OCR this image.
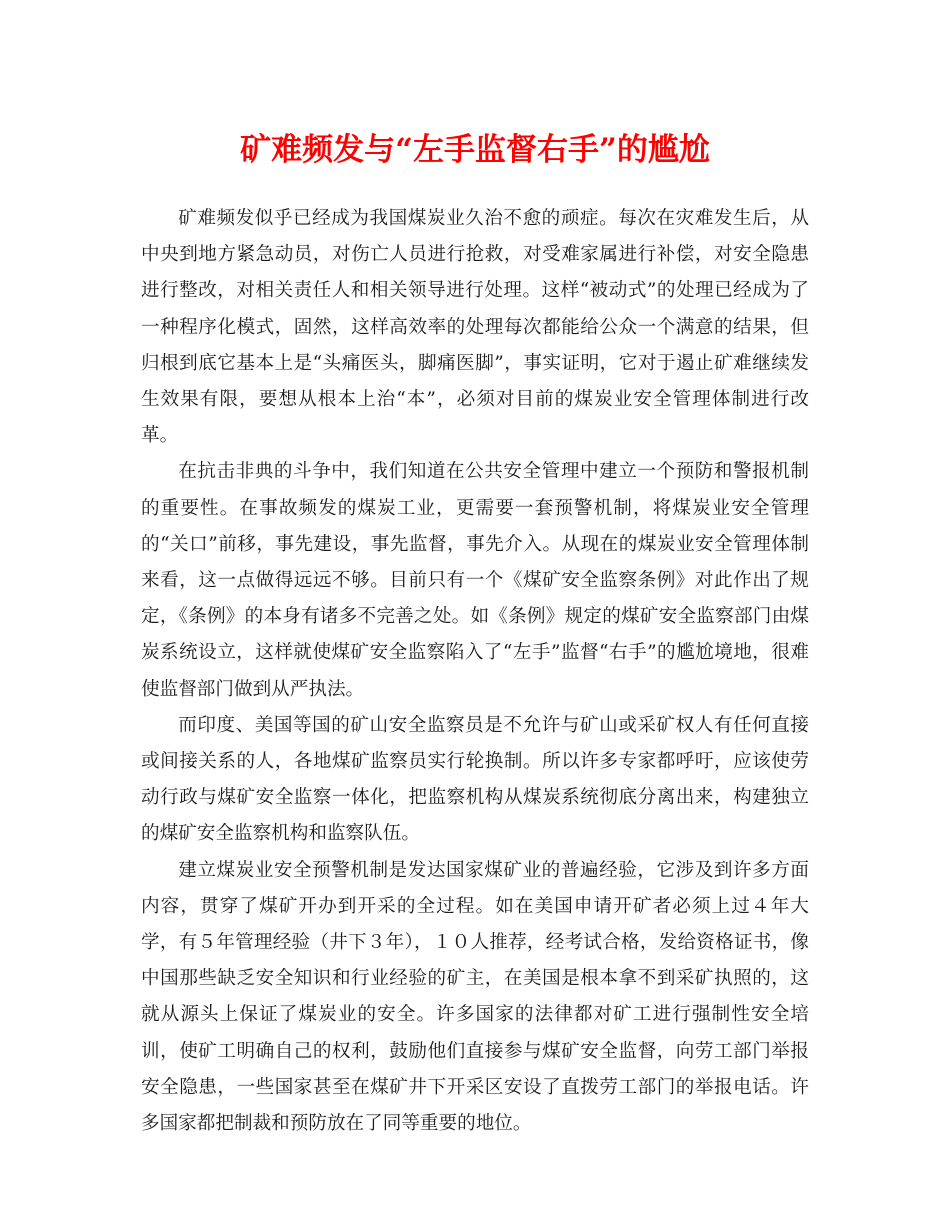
矿难频发与“左手监督右手”的尴尬

矿难频发似乎已经成为我国煤炭业久治不愈的顽症。每次在灾难发生后，从中央到地方紧急动员，对伤亡人员进行抢救，对受难家属进行补偿，对安全隐患进行整改，对相关责任人和相关领导进行处理。这样“被动式”的处理已经成为了一种程序化模式，固然，这样高效率的处理每次都能给公众一个满意的结果，但归根到底它基本上是“头痛医头，脚痛医脚”，事实证明，它对于遏止矿难继续发生效果有限，要想从根本上治“本”，必须对目前的煤炭业安全管理体制进行改革。

在抗击非典的斗争中，我们知道在公共安全管理中建立一个预防和警报机制的重要性。在事故频发的煤炭工业，更需要一套预警机制，将煤炭业安全管理的“关口”前移，事先建设，事先监督，事先介入。从现在的煤炭业安全管理体制来看，这一点做得远远不够。目前只有一个《煤矿安全监察条例》对此作出了规定，《条例》的本身有诸多不完善之处。如《条例》规定的煤矿安全监察部门由煤炭系统设立，这样就使煤矿安全监察陷入了“左手”监督“右手”的尴尬境地，很难使监督部门做到从严执法。

而印度、美国等国的矿山安全监察员是不允许与矿山或采矿权人有任何直接或间接关系的人，各地煤矿监察员实行轮换制。所以许多专家都呼吁，应该使劳动行政与煤矿安全监察一体化，把监察机构从煤炭系统彻底分离出来，构建独立的煤矿安全监察机构和监察队伍。

建立煤炭业安全预警机制是发达国家煤矿业的普遍经验，它涉及到许多方面内容，贯穿了煤矿开办到开采的全过程。如在美国申请开矿者必须上过４年大学，有５年管理经验（井下３年），１０人推荐，经考试合格，发给资格证书，像中国那些缺乏安全知识和行业经验的矿主，在美国是根本拿不到采矿执照的，这就从源头上保证了煤炭业的安全。许多国家的法律都对矿工进行强制性安全培训，使矿工明确自己的权利，鼓励他们直接参与煤矿安全监督，向劳工部门举报安全隐患，一些国家甚至在煤矿井下开采区安设了直拨劳工部门的举报电话。许多国家都把制裁和预防放在了同等重要的地位。
